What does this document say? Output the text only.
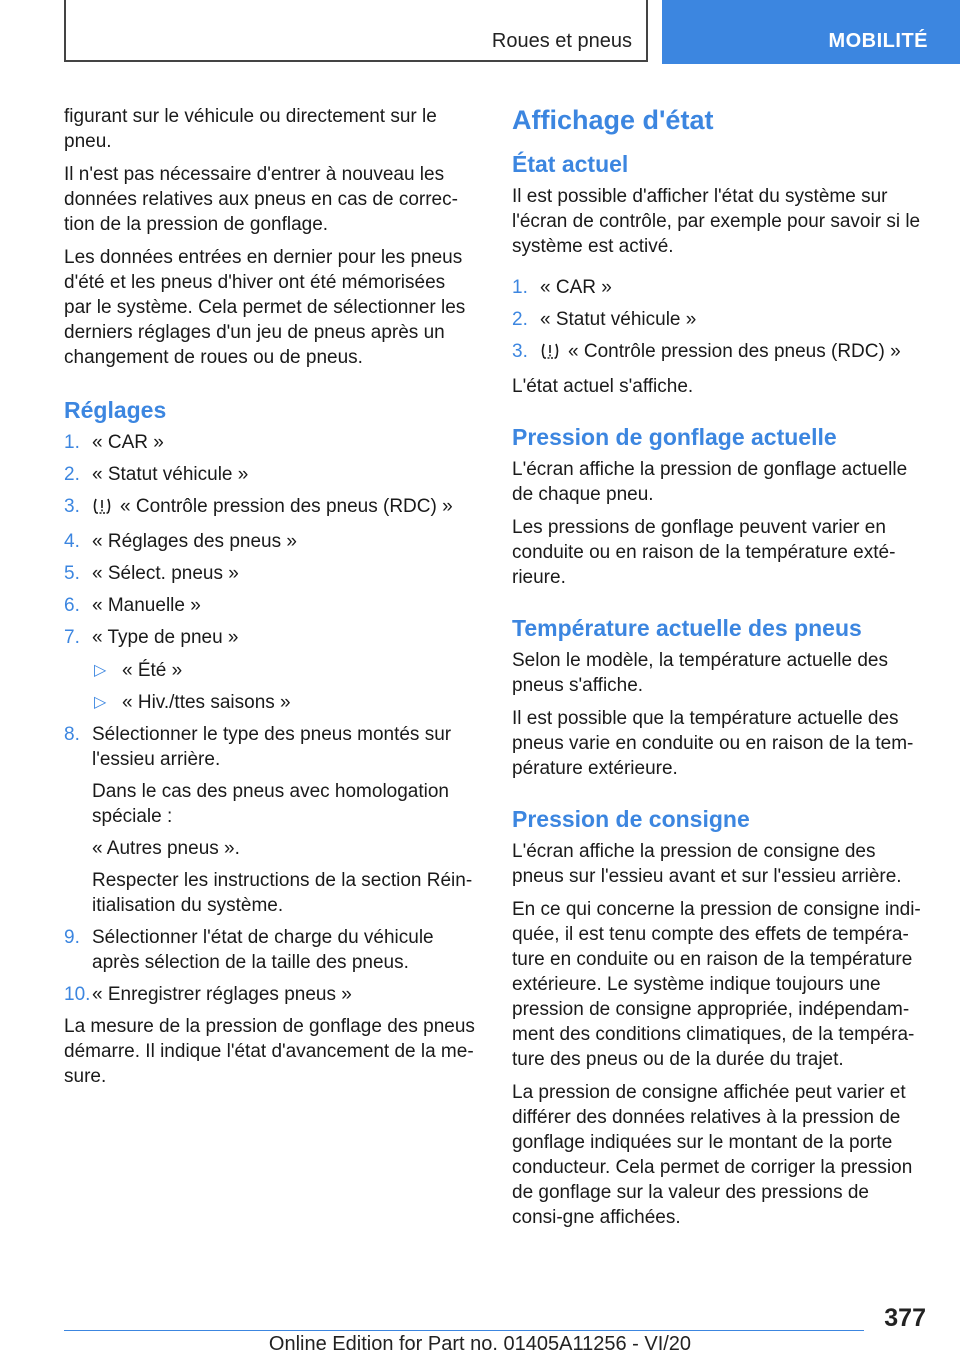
Roues et pneus	MOBILITÉ

figurant sur le véhicule ou directement sur le pneu.

Il n'est pas nécessaire d'entrer à nouveau les données relatives aux pneus en cas de correc-tion de la pression de gonflage.

Les données entrées en dernier pour les pneus d'été et les pneus d'hiver ont été mémorisées par le système. Cela permet de sélectionner les derniers réglages d'un jeu de pneus après un changement de roues ou de pneus.

Réglages
1. « CAR »
2. « Statut véhicule »
3. « Contrôle pression des pneus (RDC) »
4. « Réglages des pneus »
5. « Sélect. pneus »
6. « Manuelle »
7. « Type de pneu »
▷ « Été »
▷ « Hiv./ttes saisons »
8. Sélectionner le type des pneus montés sur l'essieu arrière.
Dans le cas des pneus avec homologation spéciale :
« Autres pneus ».
Respecter les instructions de la section Réin-itialisation du système.
9. Sélectionner l'état de charge du véhicule après sélection de la taille des pneus.
10. « Enregistrer réglages pneus »

La mesure de la pression de gonflage des pneus démarre. Il indique l'état d'avancement de la me-sure.

Affichage d'état
État actuel

Il est possible d'afficher l'état du système sur l'écran de contrôle, par exemple pour savoir si le système est activé.

1. « CAR »
2. « Statut véhicule »
3. « Contrôle pression des pneus (RDC) »

L'état actuel s'affiche.

Pression de gonflage actuelle

L'écran affiche la pression de gonflage actuelle de chaque pneu.

Les pressions de gonflage peuvent varier en conduite ou en raison de la température exté-rieure.

Température actuelle des pneus

Selon le modèle, la température actuelle des pneus s'affiche.

Il est possible que la température actuelle des pneus varie en conduite ou en raison de la tem-pérature extérieure.

Pression de consigne

L'écran affiche la pression de consigne des pneus sur l'essieu avant et sur l'essieu arrière.

En ce qui concerne la pression de consigne indi-quée, il est tenu compte des effets de tempéra-ture en conduite ou en raison de la température extérieure. Le système indique toujours une pression de consigne appropriée, indépendam-ment des conditions climatiques, de la tempéra-ture des pneus ou de la durée du trajet.

La pression de consigne affichée peut varier et différer des données relatives à la pression de gonflage indiquées sur le montant de la porte conducteur. Cela permet de corriger la pression de gonflage sur la valeur des pressions de consi-gne affichées.

377
Online Edition for Part no. 01405A11256 - VI/20
